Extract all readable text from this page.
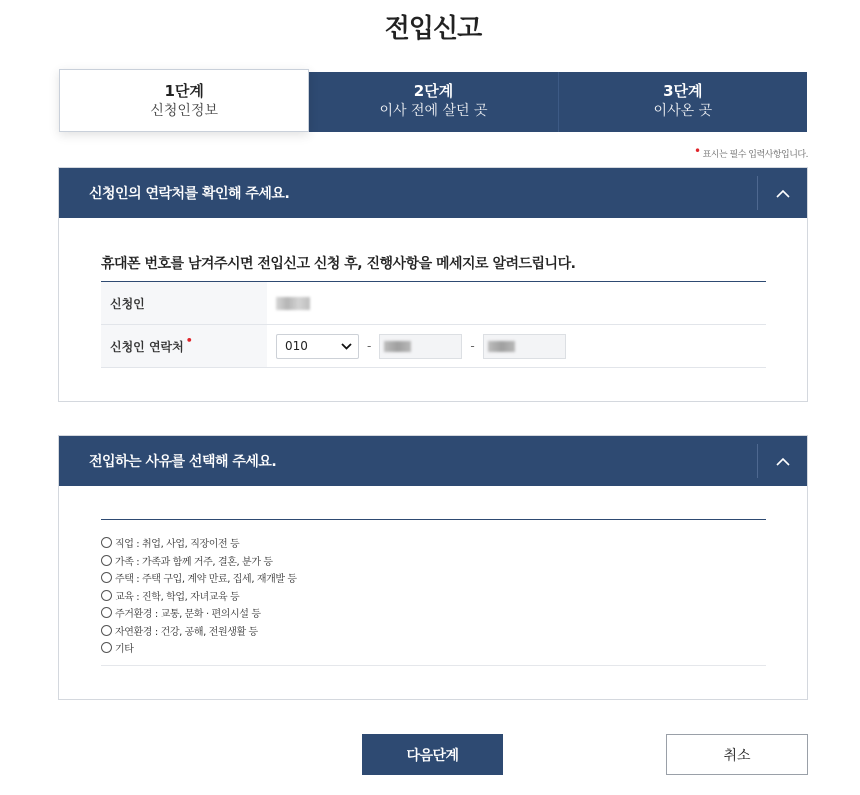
전입신고
1단계
신청인정보
2단계
이사 전에 살던 곳
3단계
이사온 곳
• 표시는 필수 입력사항입니다.
신청인의 연락처를 확인해 주세요.

휴대폰 번호를 남겨주시면 전입신고 신청 후, 진행사항을 메세지로 알려드립니다.

신청인
신청인 연락처 •	010	-	-
전입하는 사유를 선택해 주세요.
직업 : 취업, 사업, 직장이전 등
가족 : 가족과 함께 거주, 결혼, 분가 등
주택 : 주택 구입, 계약 만료, 집세, 재개발 등
교육 : 진학, 학업, 자녀교육 등
주거환경 : 교통, 문화 · 편의시설 등
자연환경 : 건강, 공해, 전원생활 등
기타
다음단계	취소
